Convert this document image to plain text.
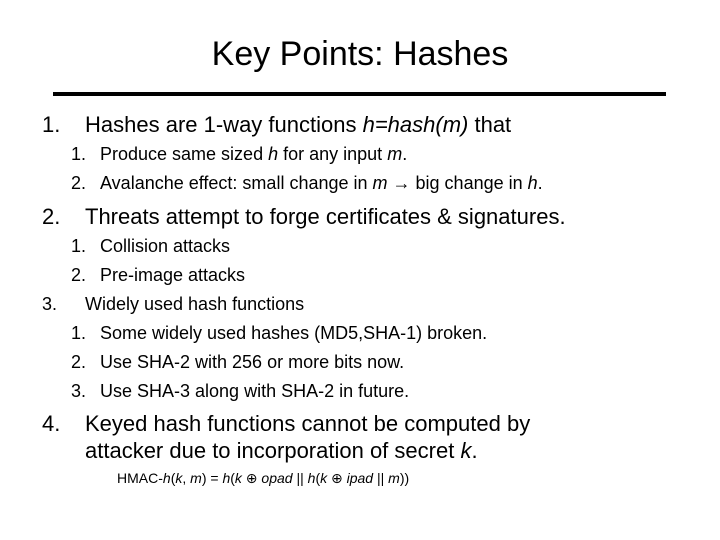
Key Points: Hashes
1. Hashes are 1-way functions h=hash(m) that
1. Produce same sized h for any input m.
2. Avalanche effect: small change in m → big change in h.
2. Threats attempt to forge certificates & signatures.
1. Collision attacks
2. Pre-image attacks
3. Widely used hash functions
1. Some widely used hashes (MD5,SHA-1) broken.
2. Use SHA-2 with 256 or more bits now.
3. Use SHA-3 along with SHA-2 in future.
4. Keyed hash functions cannot be computed by
attacker due to incorporation of secret k.
HMAC-h(k, m) = h(k ⊕ opad || h(k ⊕ ipad || m))
